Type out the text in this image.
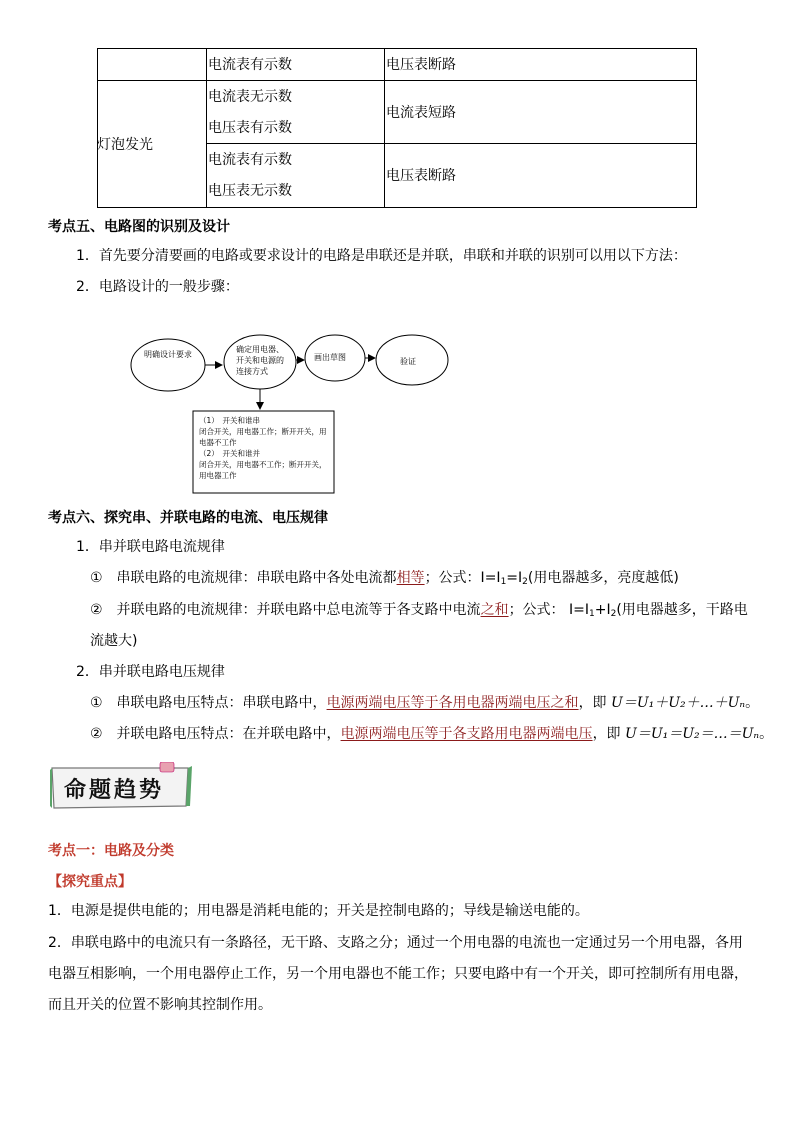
电流表有示数	电压表断路
灯泡发光
电流表无示数
电压表有示数
电流表短路
电流表有示数
电压表无示数
电压表断路
考点五、电路图的识别及设计
1．首先要分清要画的电路或要求设计的电路是串联还是并联，串联和并联的识别可以用以下方法：
2．电路设计的一般步骤：
明确设计要求
确定用电器、
开关和电源的
连接方式
画出草图	验证
（1）　开关和谁串
闭合开关，用电器工作；断开开关，用
电器不工作
（2）　开关和谁并
闭合开关，用电器不工作；断开开关，
用电器工作
考点六、探究串、并联电路的电流、电压规律
1．串并联电路电流规律
①　串联电路的电流规律：串联电路中各处电流都相等；公式：$I=I_1=I_2$(用电器越多，亮度越低)
②　并联电路的电流规律：并联电路中总电流等于各支路中电流之和；公式： $I=I_1+I_2$(用电器越多，干路电
流越大)
2．串并联电路电压规律
①　串联电路电压特点：串联电路中，电源两端电压等于各用电器两端电压之和，即 U＝U₁＋U₂＋…＋Uₙ。
②　并联电路电压特点：在并联电路中，电源两端电压等于各支路用电器两端电压，即 U＝U₁＝U₂＝…＝Uₙ。
命题趋势
考点一：电路及分类
【探究重点】
1．电源是提供电能的；用电器是消耗电能的；开关是控制电路的；导线是输送电能的。
2．串联电路中的电流只有一条路径，无干路、支路之分；通过一个用电器的电流也一定通过另一个用电器，各用
电器互相影响，一个用电器停止工作，另一个用电器也不能工作；只要电路中有一个开关，即可控制所有用电器，
而且开关的位置不影响其控制作用。
